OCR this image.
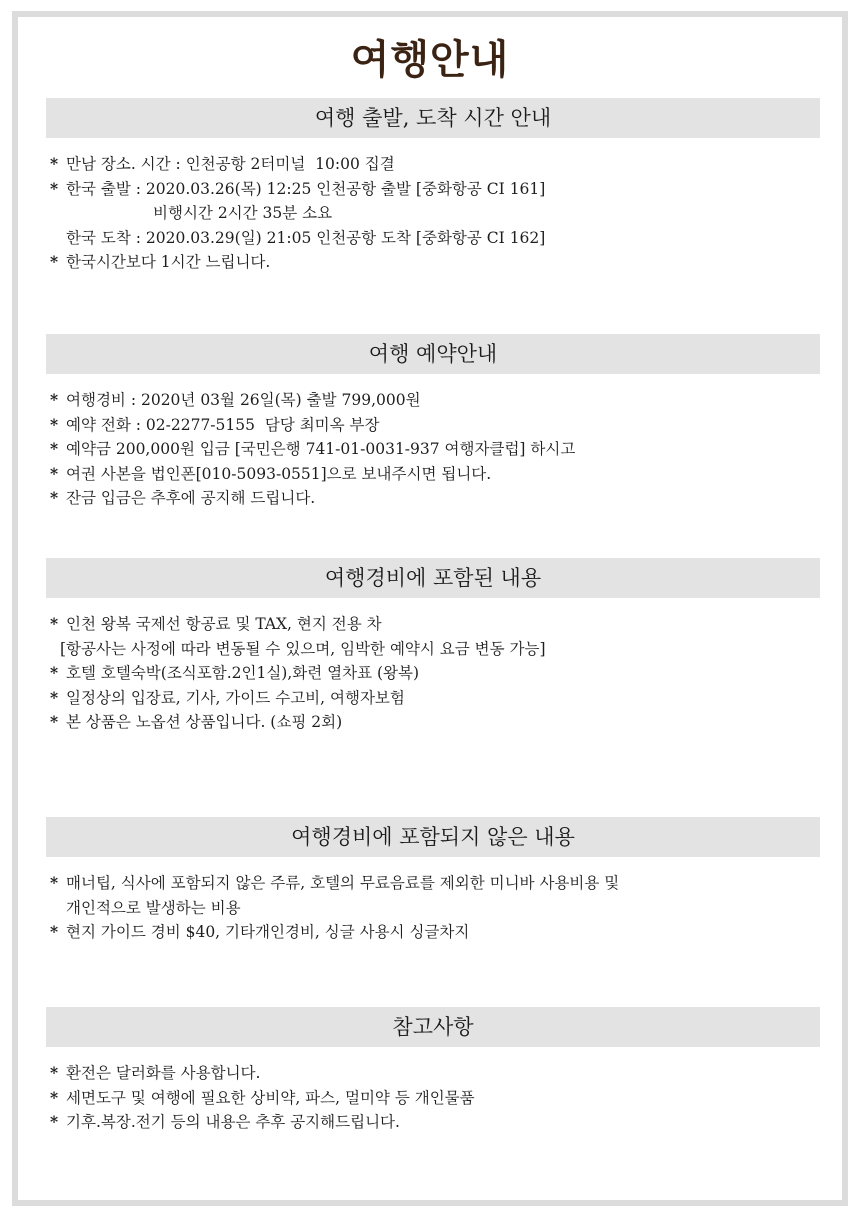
여행안내
여행 출발, 도착 시간 안내
* 만남 장소. 시간 : 인천공항 2터미널  10:00 집결
* 한국 출발 : 2020.03.26(목) 12:25 인천공항 출발 [중화항공 CI 161]
비행시간 2시간 35분 소요
한국 도착 : 2020.03.29(일) 21:05 인천공항 도착 [중화항공 CI 162]
* 한국시간보다 1시간 느립니다.
여행 예약안내
* 여행경비 : 2020년 03월 26일(목) 출발 799,000원
* 예약 전화 : 02-2277-5155  담당 최미옥 부장
* 예약금 200,000원 입금 [국민은행 741-01-0031-937 여행자클럽] 하시고
* 여권 사본을 법인폰[010-5093-0551]으로 보내주시면 됩니다.
* 잔금 입금은 추후에 공지해 드립니다.
여행경비에 포함된 내용
* 인천 왕복 국제선 항공료 및 TAX, 현지 전용 차
[항공사는 사정에 따라 변동될 수 있으며, 임박한 예약시 요금 변동 가능]
* 호텔 호텔숙박(조식포함.2인1실),화련 열차표 (왕복)
* 일정상의 입장료, 기사, 가이드 수고비, 여행자보험
* 본 상품은 노옵션 상품입니다. (쇼핑 2회)
여행경비에 포함되지 않은 내용
* 매너팁, 식사에 포함되지 않은 주류, 호텔의 무료음료를 제외한 미니바 사용비용 및
개인적으로 발생하는 비용
* 현지 가이드 경비 $40, 기타개인경비, 싱글 사용시 싱글차지
참고사항
* 환전은 달러화를 사용합니다.
* 세면도구 및 여행에 필요한 상비약, 파스, 멀미약 등 개인물품
* 기후.복장.전기 등의 내용은 추후 공지해드립니다.
